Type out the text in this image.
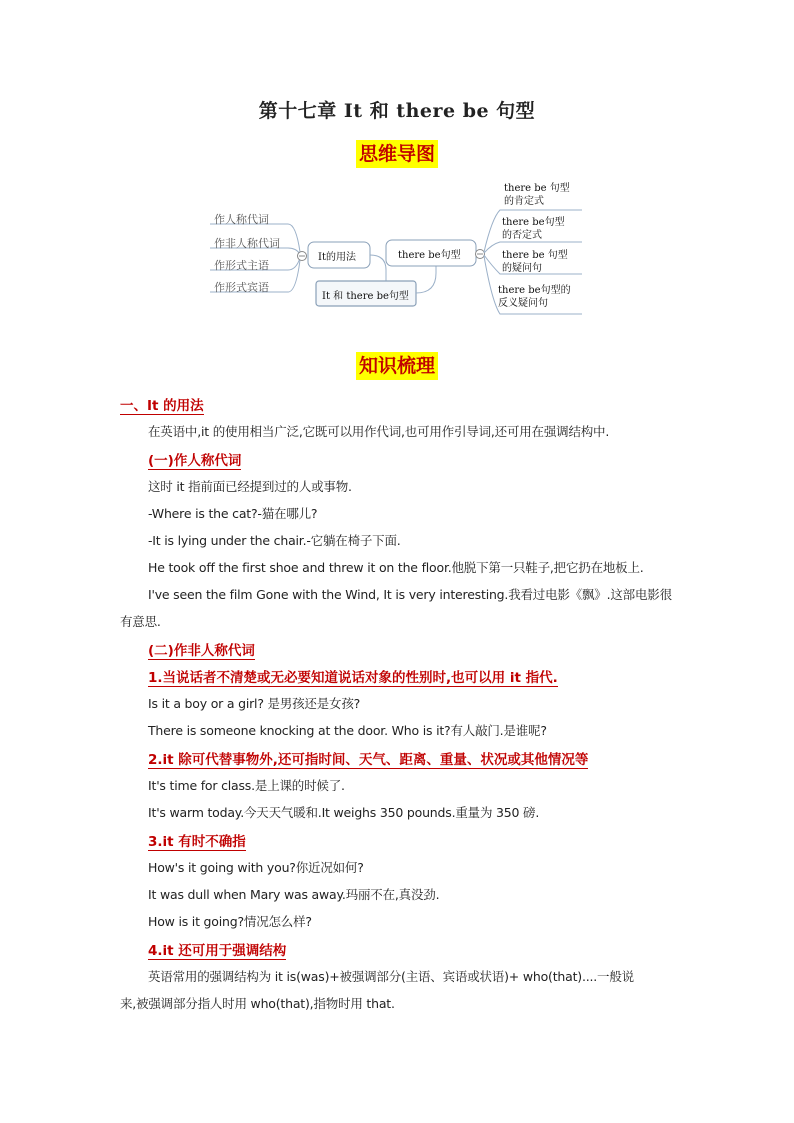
第十七章 It 和 there be 句型
思维导图
作人称代词
作非人称代词
作形式主语
作形式宾语
It的用法
It 和 there be句型
there be句型
there be 句型
的肯定式
there be句型
的否定式
there be 句型
的疑问句
there be句型的
反义疑问句
知识梳理
一、It 的用法
在英语中,it 的使用相当广泛,它既可以用作代词,也可用作引导词,还可用在强调结构中.
(一)作人称代词
这时 it 指前面已经提到过的人或事物.
-Where is the cat?-猫在哪儿?
-It is lying under the chair.-它躺在椅子下面.
He took off the first shoe and threw it on the floor.他脱下第一只鞋子,把它扔在地板上.
I've seen the film Gone with the Wind, It is very interesting.我看过电影《飘》.这部电影很
有意思.
(二)作非人称代词
1.当说话者不清楚或无必要知道说话对象的性别时,也可以用 it 指代.
Is it a boy or a girl? 是男孩还是女孩?
There is someone knocking at the door. Who is it?有人敲门.是谁呢?
2.it 除可代替事物外,还可指时间、天气、距离、重量、状况或其他情况等
It's time for class.是上课的时候了.
It's warm today.今天天气暖和.It weighs 350 pounds.重量为 350 磅.
3.it 有时不确指
How's it going with you?你近况如何?
It was dull when Mary was away.玛丽不在,真没劲.
How is it going?情况怎么样?
4.it 还可用于强调结构
英语常用的强调结构为 it is(was)+被强调部分(主语、宾语或状语)+ who(that)....一般说
来,被强调部分指人时用 who(that),指物时用 that.
